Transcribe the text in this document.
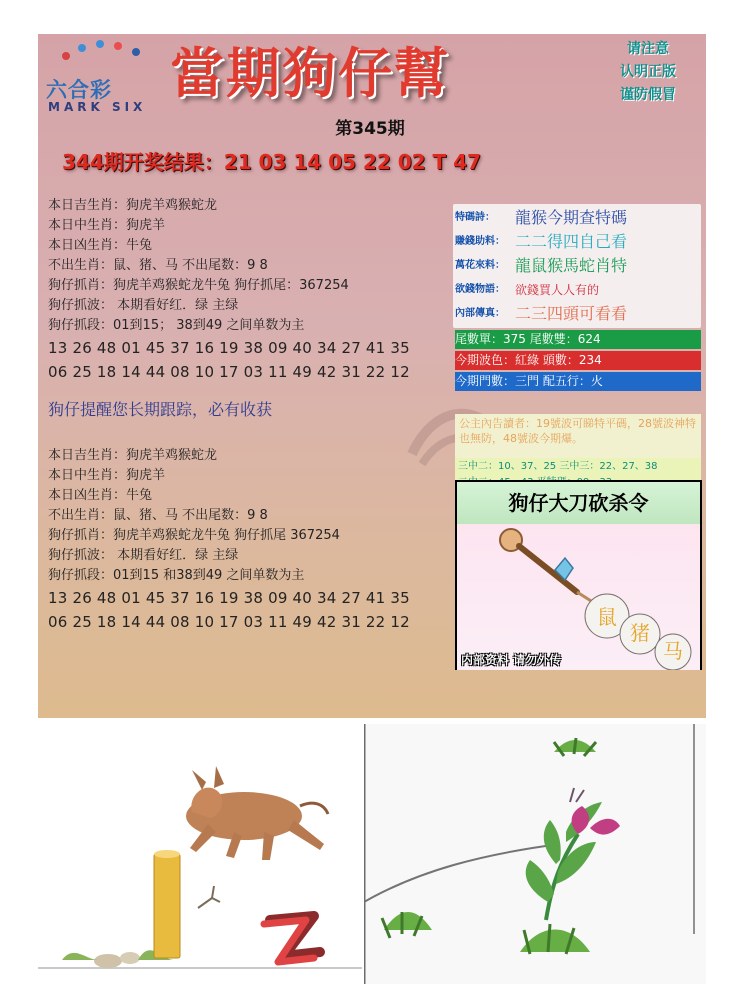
六合彩
MARK SIX
當期狗仔幫	请注意
认明正版
谨防假冒
第345期
344期开奖结果：21 03 14 05 22 02 T 47
本日吉生肖：狗虎羊鸡猴蛇龙
本日中生肖：狗虎羊
本日凶生肖：牛兔
不出生肖：鼠、猪、马 不出尾数：9 8
狗仔抓肖：狗虎羊鸡猴蛇龙牛兔 狗仔抓尾：367254
狗仔抓波： 本期看好红．绿 主绿
狗仔抓段：01到15； 38到49 之间单数为主
13 26 48 01 45 37 16 19 38 09 40 34 27 41 35
06 25 18 14 44 08 10 17 03 11 49 42 31 22 12
狗仔提醒您长期跟踪，必有收获
本日吉生肖：狗虎羊鸡猴蛇龙
本日中生肖：狗虎羊
本日凶生肖：牛兔
不出生肖：鼠、猪、马 不出尾数：9 8
狗仔抓肖：狗虎羊鸡猴蛇龙牛兔 狗仔抓尾 367254
狗仔抓波： 本期看好红．绿 主绿
狗仔抓段：01到15 和38到49 之间单数为主
13 26 48 01 45 37 16 19 38 09 40 34 27 41 35
06 25 18 14 44 08 10 17 03 11 49 42 31 22 12
特碼詩：	龍猴今期查特碼
賺錢助料： 二二得四自己看
萬花來料： 龍鼠猴馬蛇肖特
欲錢物語： 欲錢買人人有的
內部傳真： 二三四頭可看看
尾數單：375 尾數雙：624
今期波色：紅綠 頭數：234
今期門數：三門 配五行：火
公主內告讀者：19號波可睇特平碼，28號波神特也無防，48號波今期爆。
三中二：10、37、25 三中三：22、27、38
狗仔大刀砍杀令
鼠
猪
马
内部资料 请勿外传
